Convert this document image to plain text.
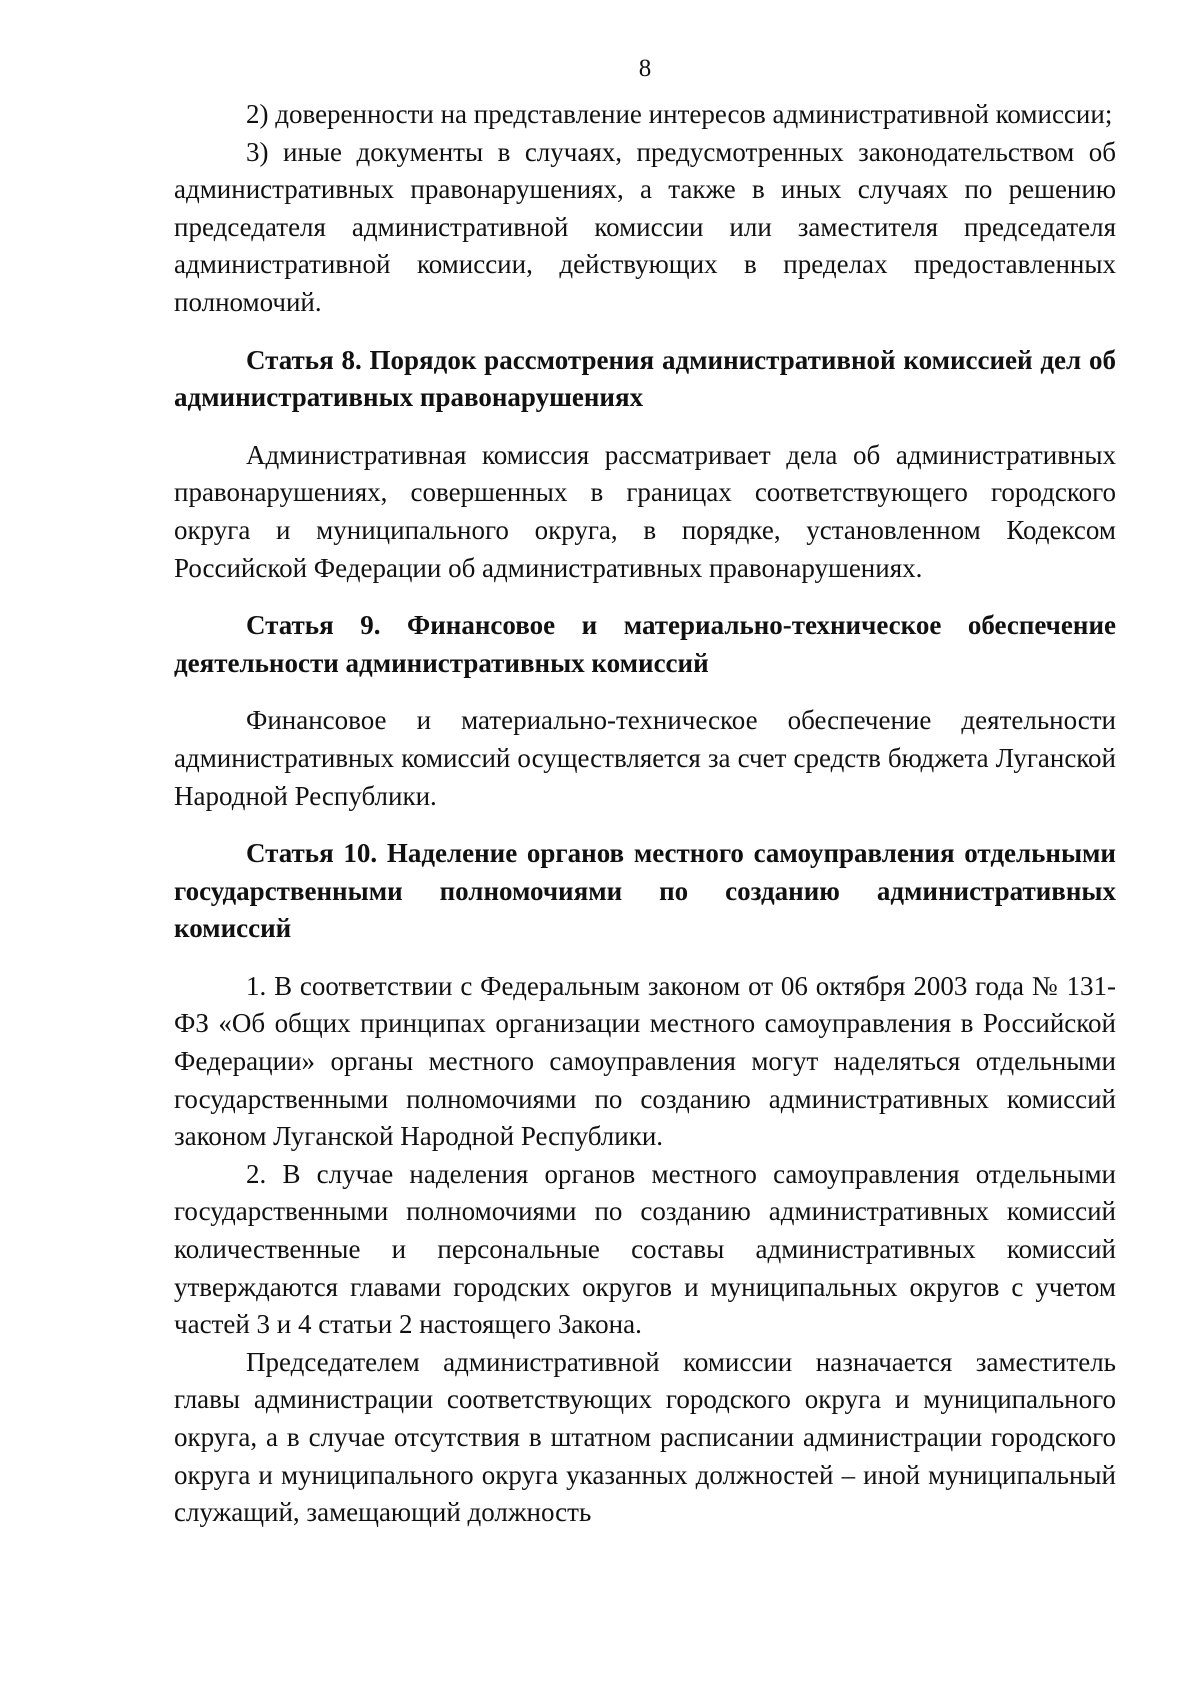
8

2) доверенности на представление интересов административной комиссии;

3) иные документы в случаях, предусмотренных законодательством об административных правонарушениях, а также в иных случаях по решению председателя административной комиссии или заместителя председателя административной комиссии, действующих в пределах предоставленных полномочий.

Статья 8. Порядок рассмотрения административной комиссией дел об административных правонарушениях

Административная комиссия рассматривает дела об административных правонарушениях, совершенных в границах соответствующего городского округа и муниципального округа, в порядке, установленном Кодексом Российской Федерации об административных правонарушениях.

Статья 9. Финансовое и материально-техническое обеспечение деятельности административных комиссий

Финансовое и материально-техническое обеспечение деятельности административных комиссий осуществляется за счет средств бюджета Луганской Народной Республики.

Статья 10. Наделение органов местного самоуправления отдельными государственными полномочиями по созданию административных комиссий

1. В соответствии с Федеральным законом от 06 октября 2003 года № 131-ФЗ «Об общих принципах организации местного самоуправления в Российской Федерации» органы местного самоуправления могут наделяться отдельными государственными полномочиями по созданию административных комиссий законом Луганской Народной Республики.

2. В случае наделения органов местного самоуправления отдельными государственными полномочиями по созданию административных комиссий количественные и персональные составы административных комиссий утверждаются главами городских округов и муниципальных округов с учетом частей 3 и 4 статьи 2 настоящего Закона.

Председателем административной комиссии назначается заместитель главы администрации соответствующих городского округа и муниципального округа, а в случае отсутствия в штатном расписании администрации городского округа и муниципального округа указанных должностей – иной муниципальный служащий, замещающий должность
